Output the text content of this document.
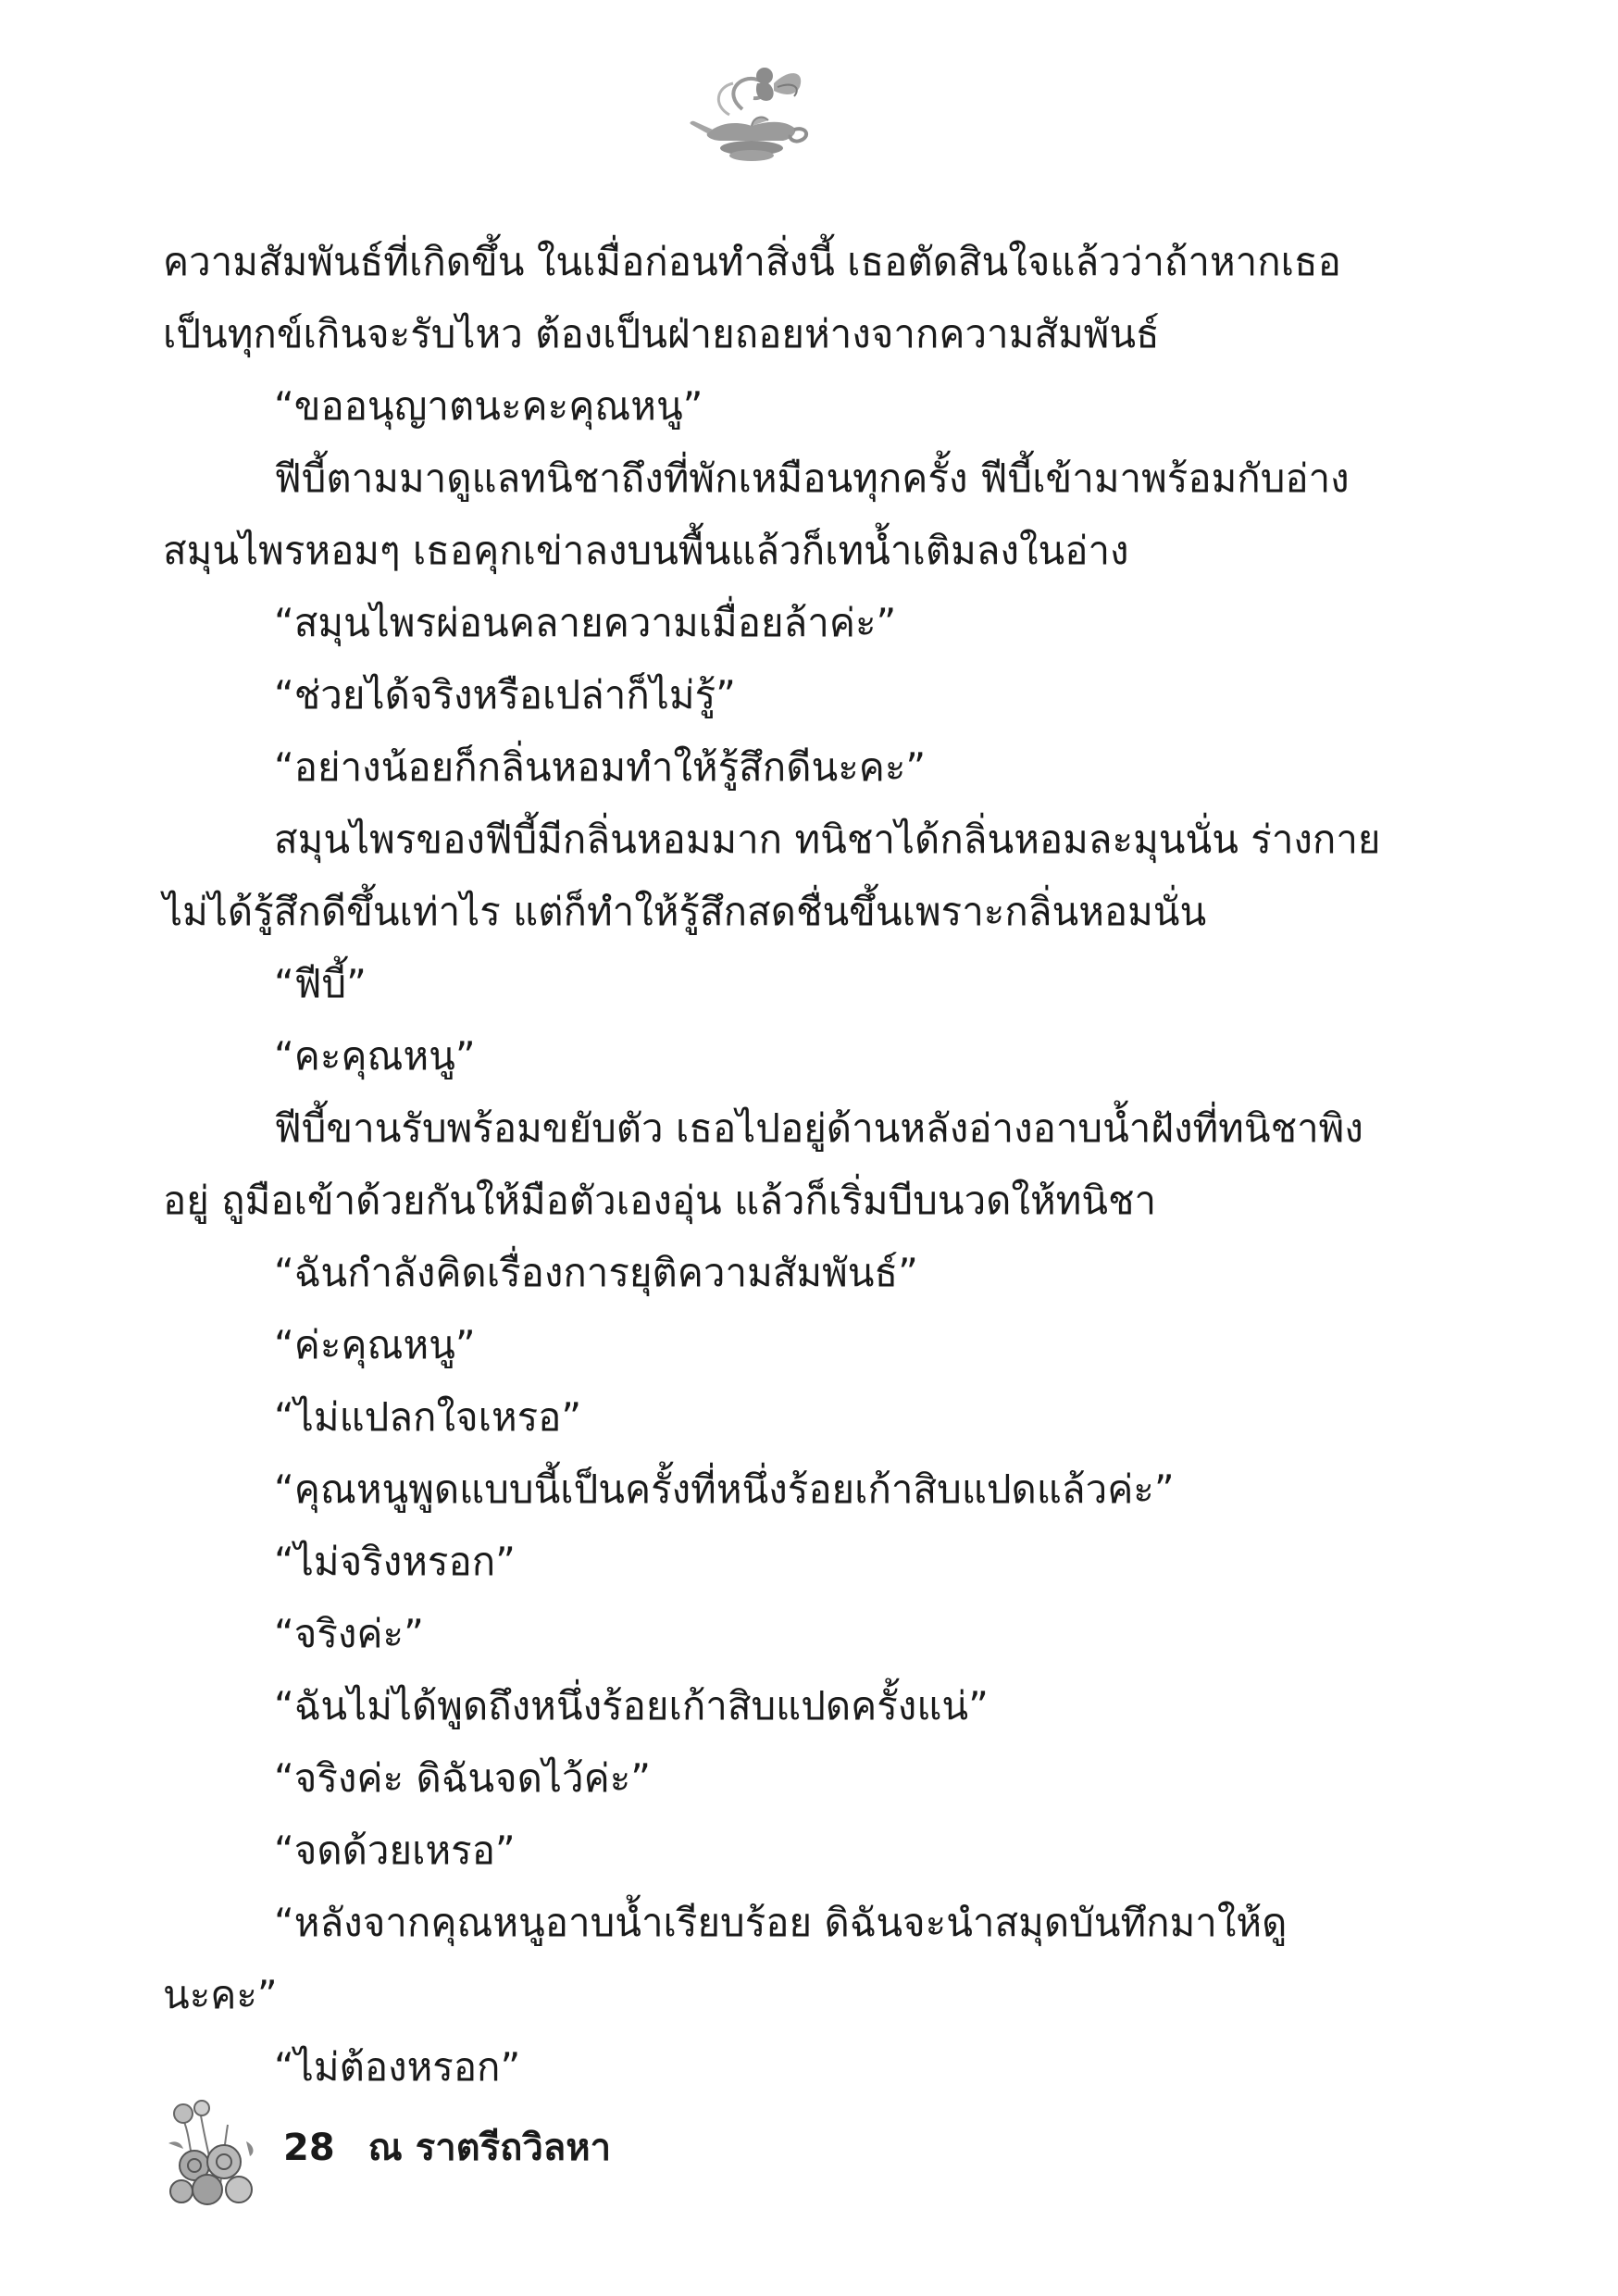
ความสัมพันธ์ที่เกิดขึ้น ในเมื่อก่อนทำสิ่งนี้ เธอตัดสินใจแล้วว่าถ้าหากเธอ
เป็นทุกข์เกินจะรับไหว ต้องเป็นฝ่ายถอยห่างจากความสัมพันธ์
“ขออนุญาตนะคะคุณหนู”
ฟีบี้ตามมาดูแลทนิชาถึงที่พักเหมือนทุกครั้ง ฟีบี้เข้ามาพร้อมกับอ่าง
สมุนไพรหอมๆ เธอคุกเข่าลงบนพื้นแล้วก็เทน้ำเติมลงในอ่าง
“สมุนไพรผ่อนคลายความเมื่อยล้าค่ะ”
“ช่วยได้จริงหรือเปล่าก็ไม่รู้”
“อย่างน้อยก็กลิ่นหอมทำให้รู้สึกดีนะคะ”
สมุนไพรของฟีบี้มีกลิ่นหอมมาก ทนิชาได้กลิ่นหอมละมุนนั่น ร่างกาย
ไม่ได้รู้สึกดีขึ้นเท่าไร แต่ก็ทำให้รู้สึกสดชื่นขึ้นเพราะกลิ่นหอมนั่น
“ฟีบี้”
“คะคุณหนู”
ฟีบี้ขานรับพร้อมขยับตัว เธอไปอยู่ด้านหลังอ่างอาบน้ำฝังที่ทนิชาพิง
อยู่ ถูมือเข้าด้วยกันให้มือตัวเองอุ่น แล้วก็เริ่มบีบนวดให้ทนิชา
“ฉันกำลังคิดเรื่องการยุติความสัมพันธ์”
“ค่ะคุณหนู”
“ไม่แปลกใจเหรอ”
“คุณหนูพูดแบบนี้เป็นครั้งที่หนึ่งร้อยเก้าสิบแปดแล้วค่ะ”
“ไม่จริงหรอก”
“จริงค่ะ”
“ฉันไม่ได้พูดถึงหนึ่งร้อยเก้าสิบแปดครั้งแน่”
“จริงค่ะ ดิฉันจดไว้ค่ะ”
“จดด้วยเหรอ”
“หลังจากคุณหนูอาบน้ำเรียบร้อย ดิฉันจะนำสมุดบันทึกมาให้ดู
นะคะ”
“ไม่ต้องหรอก”
28 ณ ราตรีถวิลหา
